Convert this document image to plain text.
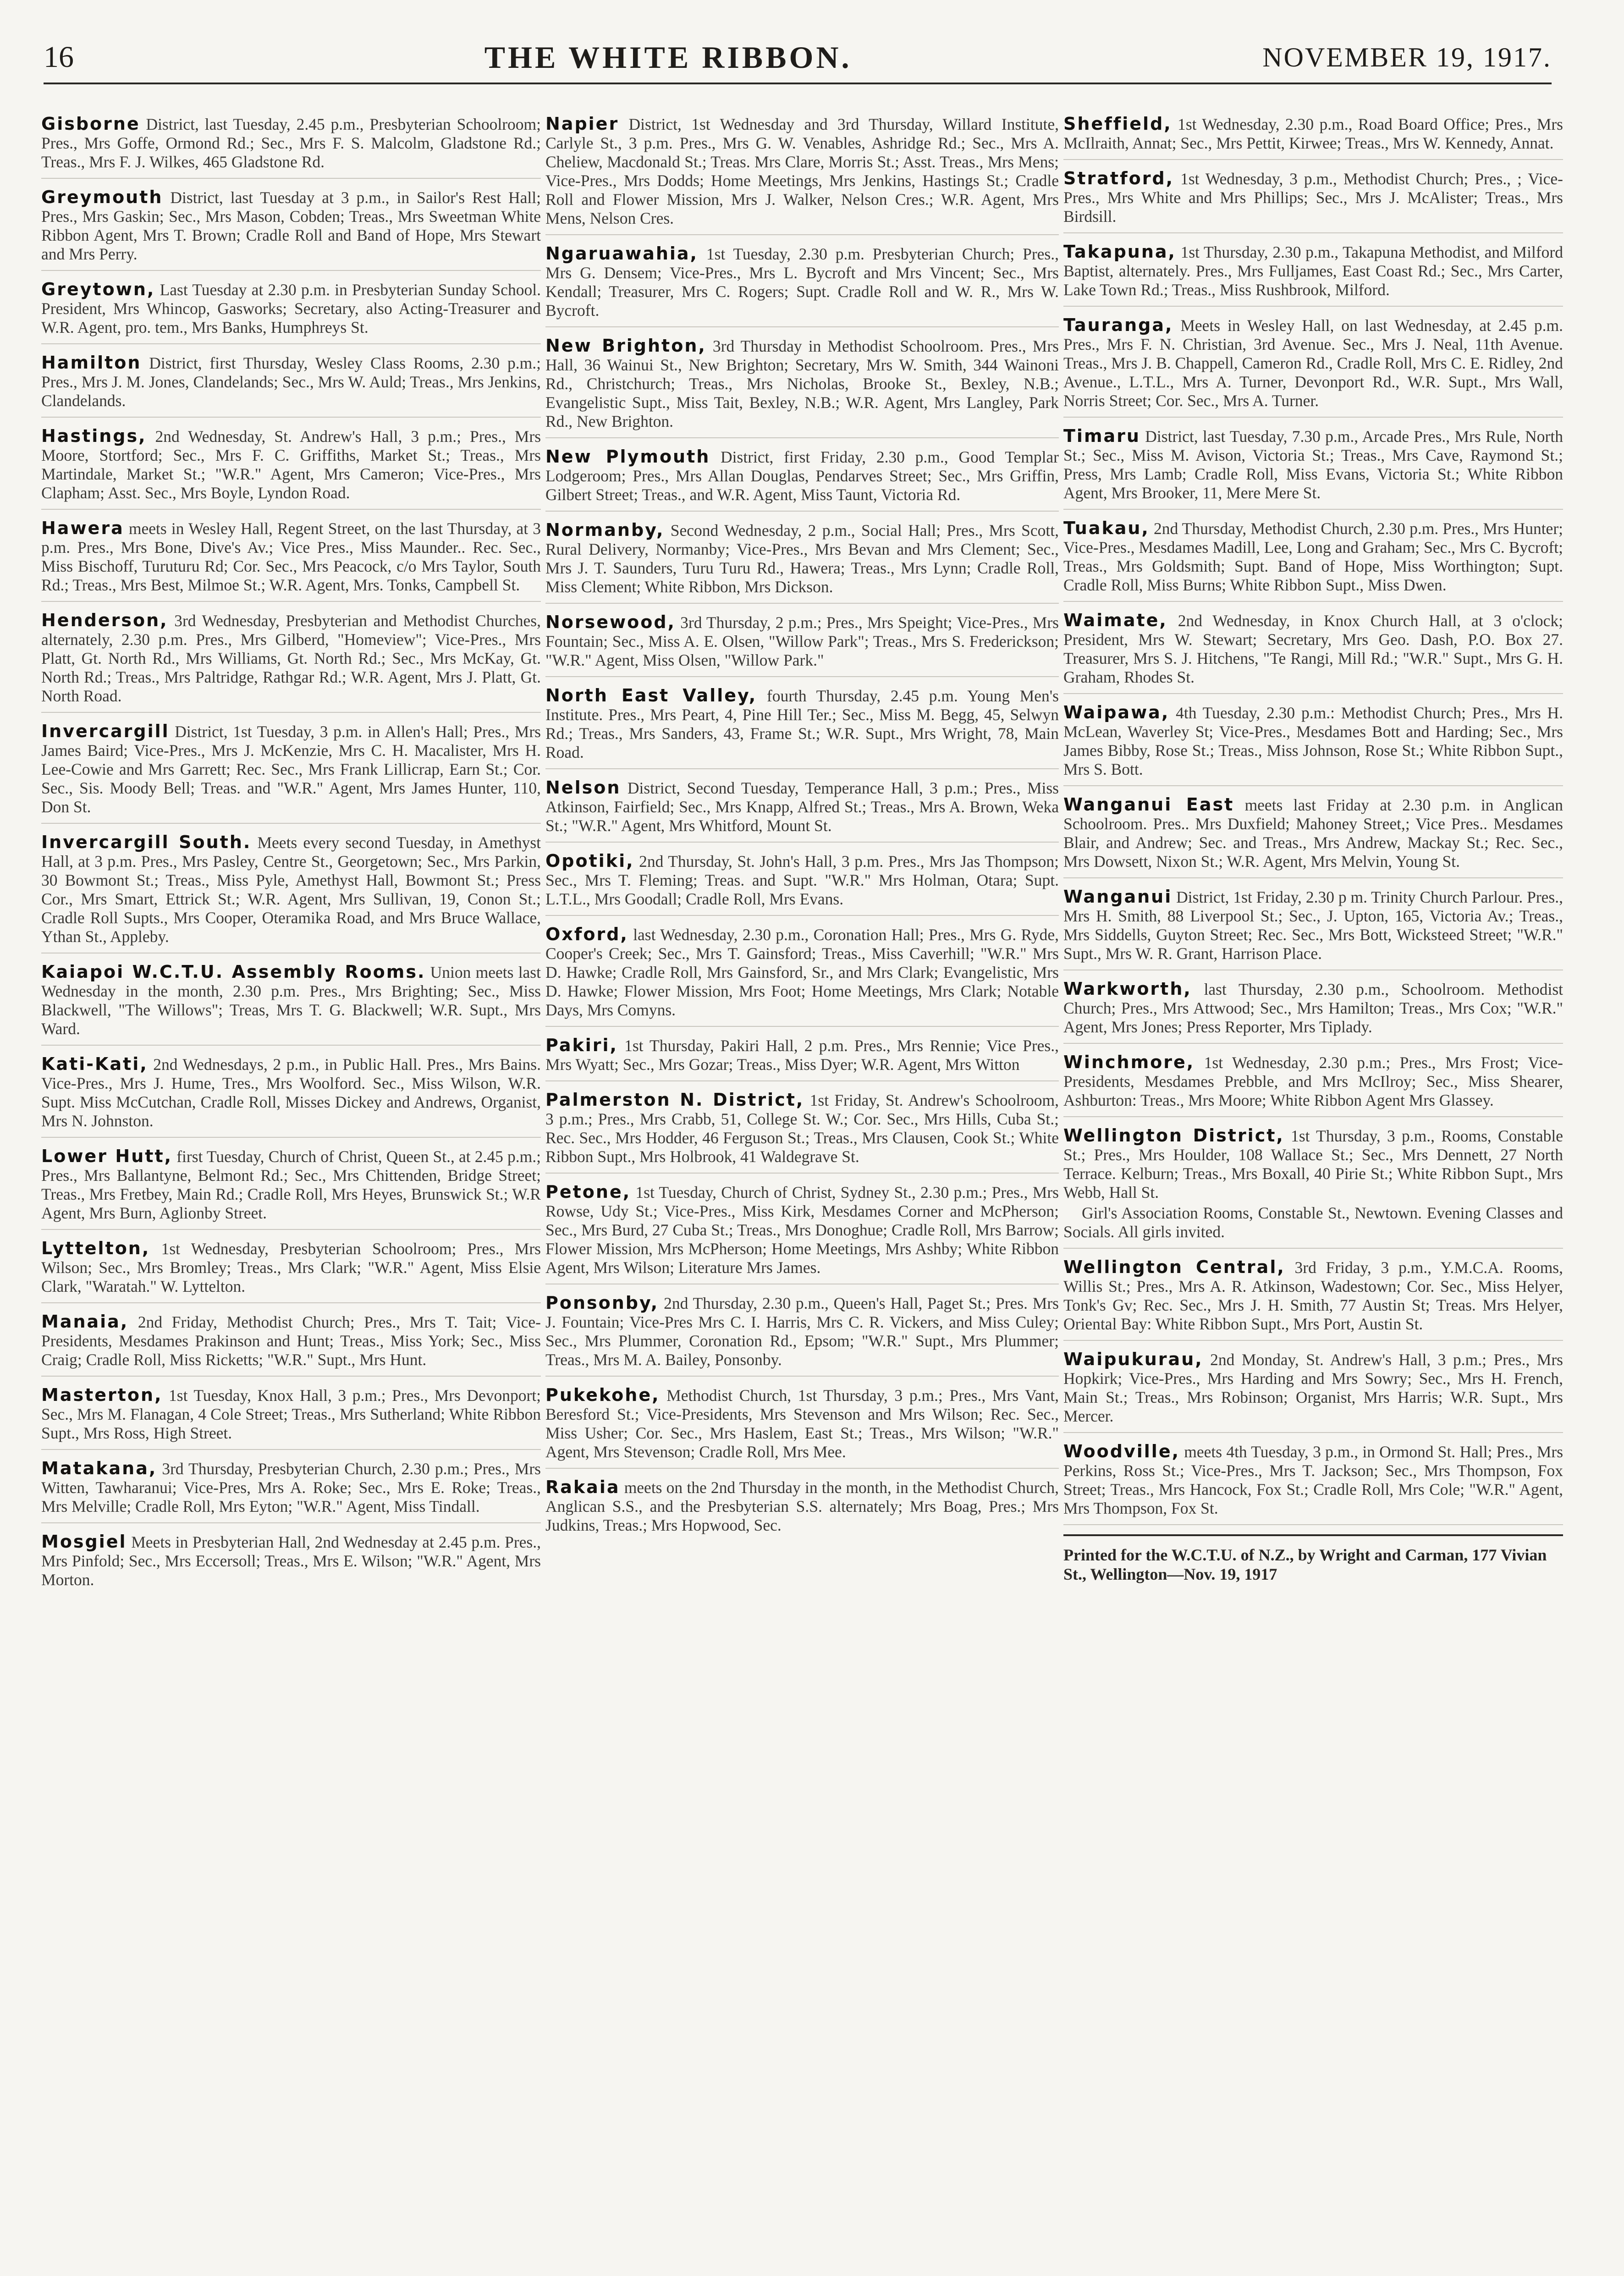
16	THE WHITE RIBBON.	NOVEMBER 19, 1917.
Gisborne District, last Tuesday, 2.45 p.m., Presbyterian Schoolroom; Pres., Mrs Goffe, Ormond Rd.; Sec., Mrs F. S. Malcolm, Gladstone Rd.; Treas., Mrs F. J. Wilkes, 465 Gladstone Rd.
Greymouth District, last Tuesday at 3 p.m., in Sailor's Rest Hall; Pres., Mrs Gaskin; Sec., Mrs Mason, Cobden; Treas., Mrs Sweetman White Ribbon Agent, Mrs T. Brown; Cradle Roll and Band of Hope, Mrs Stewart and Mrs Perry.
Greytown, Last Tuesday at 2.30 p.m. in Presbyterian Sunday School. President, Mrs Whincop, Gasworks; Secretary, also Acting-Treasurer and W.R. Agent, pro. tem., Mrs Banks, Humphreys St.
Hamilton District, first Thursday, Wesley Class Rooms, 2.30 p.m.; Pres., Mrs J. M. Jones, Clandelands; Sec., Mrs W. Auld; Treas., Mrs Jenkins, Clandelands.
Hastings, 2nd Wednesday, St. Andrew's Hall, 3 p.m.; Pres., Mrs Moore, Stortford; Sec., Mrs F. C. Griffiths, Market St.; Treas., Mrs Martindale, Market St.; "W.R." Agent, Mrs Cameron; Vice-Pres., Mrs Clapham; Asst. Sec., Mrs Boyle, Lyndon Road.
Hawera meets in Wesley Hall, Regent Street, on the last Thursday, at 3 p.m. Pres., Mrs Bone, Dive's Av.; Vice Pres., Miss Maunder.. Rec. Sec., Miss Bischoff, Turuturu Rd; Cor. Sec., Mrs Peacock, c/o Mrs Taylor, South Rd.; Treas., Mrs Best, Milmoe St.; W.R. Agent, Mrs. Tonks, Campbell St.
Henderson, 3rd Wednesday, Presbyterian and Methodist Churches, alternately, 2.30 p.m. Pres., Mrs Gilberd, "Homeview"; Vice-Pres., Mrs Platt, Gt. North Rd., Mrs Williams, Gt. North Rd.; Sec., Mrs McKay, Gt. North Rd.; Treas., Mrs Paltridge, Rathgar Rd.; W.R. Agent, Mrs J. Platt, Gt. North Road.
Invercargill District, 1st Tuesday, 3 p.m. in Allen's Hall; Pres., Mrs James Baird; Vice-Pres., Mrs J. McKenzie, Mrs C. H. Macalister, Mrs H. Lee-Cowie and Mrs Garrett; Rec. Sec., Mrs Frank Lillicrap, Earn St.; Cor. Sec., Sis. Moody Bell; Treas. and "W.R." Agent, Mrs James Hunter, 110, Don St.
Invercargill South. Meets every second Tuesday, in Amethyst Hall, at 3 p.m. Pres., Mrs Pasley, Centre St., Georgetown; Sec., Mrs Parkin, 30 Bowmont St.; Treas., Miss Pyle, Amethyst Hall, Bowmont St.; Press Cor., Mrs Smart, Ettrick St.; W.R. Agent, Mrs Sullivan, 19, Conon St.; Cradle Roll Supts., Mrs Cooper, Oteramika Road, and Mrs Bruce Wallace, Ythan St., Appleby.
Kaiapoi W.C.T.U. Assembly Rooms. Union meets last Wednesday in the month, 2.30 p.m. Pres., Mrs Brighting; Sec., Miss Blackwell, "The Willows"; Treas, Mrs T. G. Blackwell; W.R. Supt., Mrs Ward.
Kati-Kati, 2nd Wednesdays, 2 p.m., in Public Hall. Pres., Mrs Bains. Vice-Pres., Mrs J. Hume, Tres., Mrs Woolford. Sec., Miss Wilson, W.R. Supt. Miss McCutchan, Cradle Roll, Misses Dickey and Andrews, Organist, Mrs N. Johnston.
Lower Hutt, first Tuesday, Church of Christ, Queen St., at 2.45 p.m.; Pres., Mrs Ballantyne, Belmont Rd.; Sec., Mrs Chittenden, Bridge Street; Treas., Mrs Fretbey, Main Rd.; Cradle Roll, Mrs Heyes, Brunswick St.; W.R Agent, Mrs Burn, Aglionby Street.
Lyttelton, 1st Wednesday, Presbyterian Schoolroom; Pres., Mrs Wilson; Sec., Mrs Bromley; Treas., Mrs Clark; "W.R." Agent, Miss Elsie Clark, "Waratah." W. Lyttelton.
Manaia, 2nd Friday, Methodist Church; Pres., Mrs T. Tait; Vice-Presidents, Mesdames Prakinson and Hunt; Treas., Miss York; Sec., Miss Craig; Cradle Roll, Miss Ricketts; "W.R." Supt., Mrs Hunt.
Masterton, 1st Tuesday, Knox Hall, 3 p.m.; Pres., Mrs Devonport; Sec., Mrs M. Flanagan, 4 Cole Street; Treas., Mrs Sutherland; White Ribbon Supt., Mrs Ross, High Street.
Matakana, 3rd Thursday, Presbyterian Church, 2.30 p.m.; Pres., Mrs Witten, Tawharanui; Vice-Pres, Mrs A. Roke; Sec., Mrs E. Roke; Treas., Mrs Melville; Cradle Roll, Mrs Eyton; "W.R." Agent, Miss Tindall.
Mosgiel Meets in Presbyterian Hall, 2nd Wednesday at 2.45 p.m. Pres., Mrs Pinfold; Sec., Mrs Eccersoll; Treas., Mrs E. Wilson; "W.R." Agent, Mrs Morton.
Napier District, 1st Wednesday and 3rd Thursday, Willard Institute, Carlyle St., 3 p.m. Pres., Mrs G. W. Venables, Ashridge Rd.; Sec., Mrs A. Cheliew, Macdonald St.; Treas. Mrs Clare, Morris St.; Asst. Treas., Mrs Mens; Vice-Pres., Mrs Dodds; Home Meetings, Mrs Jenkins, Hastings St.; Cradle Roll and Flower Mission, Mrs J. Walker, Nelson Cres.; W.R. Agent, Mrs Mens, Nelson Cres.
Ngaruawahia, 1st Tuesday, 2.30 p.m. Presbyterian Church; Pres., Mrs G. Densem; Vice-Pres., Mrs L. Bycroft and Mrs Vincent; Sec., Mrs Kendall; Treasurer, Mrs C. Rogers; Supt. Cradle Roll and W. R., Mrs W. Bycroft.
New Brighton, 3rd Thursday in Methodist Schoolroom. Pres., Mrs Hall, 36 Wainui St., New Brighton; Secretary, Mrs W. Smith, 344 Wainoni Rd., Christchurch; Treas., Mrs Nicholas, Brooke St., Bexley, N.B.; Evangelistic Supt., Miss Tait, Bexley, N.B.; W.R. Agent, Mrs Langley, Park Rd., New Brighton.
New Plymouth District, first Friday, 2.30 p.m., Good Templar Lodgeroom; Pres., Mrs Allan Douglas, Pendarves Street; Sec., Mrs Griffin, Gilbert Street; Treas., and W.R. Agent, Miss Taunt, Victoria Rd.
Normanby, Second Wednesday, 2 p.m., Social Hall; Pres., Mrs Scott, Rural Delivery, Normanby; Vice-Pres., Mrs Bevan and Mrs Clement; Sec., Mrs J. T. Saunders, Turu Turu Rd., Hawera; Treas., Mrs Lynn; Cradle Roll, Miss Clement; White Ribbon, Mrs Dickson.
Norsewood, 3rd Thursday, 2 p.m.; Pres., Mrs Speight; Vice-Pres., Mrs Fountain; Sec., Miss A. E. Olsen, "Willow Park"; Treas., Mrs S. Frederickson; "W.R." Agent, Miss Olsen, "Willow Park."
North East Valley, fourth Thursday, 2.45 p.m. Young Men's Institute. Pres., Mrs Peart, 4, Pine Hill Ter.; Sec., Miss M. Begg, 45, Selwyn Rd.; Treas., Mrs Sanders, 43, Frame St.; W.R. Supt., Mrs Wright, 78, Main Road.
Nelson District, Second Tuesday, Temperance Hall, 3 p.m.; Pres., Miss Atkinson, Fairfield; Sec., Mrs Knapp, Alfred St.; Treas., Mrs A. Brown, Weka St.; "W.R." Agent, Mrs Whitford, Mount St.
Opotiki, 2nd Thursday, St. John's Hall, 3 p.m. Pres., Mrs Jas Thompson; Sec., Mrs T. Fleming; Treas. and Supt. "W.R." Mrs Holman, Otara; Supt. L.T.L., Mrs Goodall; Cradle Roll, Mrs Evans.
Oxford, last Wednesday, 2.30 p.m., Coronation Hall; Pres., Mrs G. Ryde, Cooper's Creek; Sec., Mrs T. Gainsford; Treas., Miss Caverhill; "W.R." Mrs D. Hawke; Cradle Roll, Mrs Gainsford, Sr., and Mrs Clark; Evangelistic, Mrs D. Hawke; Flower Mission, Mrs Foot; Home Meetings, Mrs Clark; Notable Days, Mrs Comyns.
Pakiri, 1st Thursday, Pakiri Hall, 2 p.m. Pres., Mrs Rennie; Vice Pres., Mrs Wyatt; Sec., Mrs Gozar; Treas., Miss Dyer; W.R. Agent, Mrs Witton
Palmerston N. District, 1st Friday, St. Andrew's Schoolroom, 3 p.m.; Pres., Mrs Crabb, 51, College St. W.; Cor. Sec., Mrs Hills, Cuba St.; Rec. Sec., Mrs Hodder, 46 Ferguson St.; Treas., Mrs Clausen, Cook St.; White Ribbon Supt., Mrs Holbrook, 41 Waldegrave St.
Petone, 1st Tuesday, Church of Christ, Sydney St., 2.30 p.m.; Pres., Mrs Rowse, Udy St.; Vice-Pres., Miss Kirk, Mesdames Corner and McPherson; Sec., Mrs Burd, 27 Cuba St.; Treas., Mrs Donoghue; Cradle Roll, Mrs Barrow; Flower Mission, Mrs McPherson; Home Meetings, Mrs Ashby; White Ribbon Agent, Mrs Wilson; Literature Mrs James.
Ponsonby, 2nd Thursday, 2.30 p.m., Queen's Hall, Paget St.; Pres. Mrs J. Fountain; Vice-Pres Mrs C. I. Harris, Mrs C. R. Vickers, and Miss Culey; Sec., Mrs Plummer, Coronation Rd., Epsom; "W.R." Supt., Mrs Plummer; Treas., Mrs M. A. Bailey, Ponsonby.
Pukekohe, Methodist Church, 1st Thursday, 3 p.m.; Pres., Mrs Vant, Beresford St.; Vice-Presidents, Mrs Stevenson and Mrs Wilson; Rec. Sec., Miss Usher; Cor. Sec., Mrs Haslem, East St.; Treas., Mrs Wilson; "W.R." Agent, Mrs Stevenson; Cradle Roll, Mrs Mee.
Rakaia meets on the 2nd Thursday in the month, in the Methodist Church, Anglican S.S., and the Presbyterian S.S. alternately; Mrs Boag, Pres.; Mrs Judkins, Treas.; Mrs Hopwood, Sec.
Sheffield, 1st Wednesday, 2.30 p.m., Road Board Office; Pres., Mrs McIlraith, Annat; Sec., Mrs Pettit, Kirwee; Treas., Mrs W. Kennedy, Annat.
Stratford, 1st Wednesday, 3 p.m., Methodist Church; Pres., ; Vice-Pres., Mrs White and Mrs Phillips; Sec., Mrs J. McAlister; Treas., Mrs Birdsill.
Takapuna, 1st Thursday, 2.30 p.m., Takapuna Methodist, and Milford Baptist, alternately. Pres., Mrs Fulljames, East Coast Rd.; Sec., Mrs Carter, Lake Town Rd.; Treas., Miss Rushbrook, Milford.
Tauranga, Meets in Wesley Hall, on last Wednesday, at 2.45 p.m. Pres., Mrs F. N. Christian, 3rd Avenue. Sec., Mrs J. Neal, 11th Avenue. Treas., Mrs J. B. Chappell, Cameron Rd., Cradle Roll, Mrs C. E. Ridley, 2nd Avenue., L.T.L., Mrs A. Turner, Devonport Rd., W.R. Supt., Mrs Wall, Norris Street; Cor. Sec., Mrs A. Turner.
Timaru District, last Tuesday, 7.30 p.m., Arcade Pres., Mrs Rule, North St.; Sec., Miss M. Avison, Victoria St.; Treas., Mrs Cave, Raymond St.; Press, Mrs Lamb; Cradle Roll, Miss Evans, Victoria St.; White Ribbon Agent, Mrs Brooker, 11, Mere Mere St.
Tuakau, 2nd Thursday, Methodist Church, 2.30 p.m. Pres., Mrs Hunter; Vice-Pres., Mesdames Madill, Lee, Long and Graham; Sec., Mrs C. Bycroft; Treas., Mrs Goldsmith; Supt. Band of Hope, Miss Worthington; Supt. Cradle Roll, Miss Burns; White Ribbon Supt., Miss Dwen.
Waimate, 2nd Wednesday, in Knox Church Hall, at 3 o'clock; President, Mrs W. Stewart; Secretary, Mrs Geo. Dash, P.O. Box 27. Treasurer, Mrs S. J. Hitchens, "Te Rangi, Mill Rd.; "W.R." Supt., Mrs G. H. Graham, Rhodes St.
Waipawa, 4th Tuesday, 2.30 p.m.: Methodist Church; Pres., Mrs H. McLean, Waverley St; Vice-Pres., Mesdames Bott and Harding; Sec., Mrs James Bibby, Rose St.; Treas., Miss Johnson, Rose St.; White Ribbon Supt., Mrs S. Bott.
Wanganui East meets last Friday at 2.30 p.m. in Anglican Schoolroom. Pres.. Mrs Duxfield; Mahoney Street,; Vice Pres.. Mesdames Blair, and Andrew; Sec. and Treas., Mrs Andrew, Mackay St.; Rec. Sec., Mrs Dowsett, Nixon St.; W.R. Agent, Mrs Melvin, Young St.
Wanganui District, 1st Friday, 2.30 p m. Trinity Church Parlour. Pres., Mrs H. Smith, 88 Liverpool St.; Sec., J. Upton, 165, Victoria Av.; Treas., Mrs Siddells, Guyton Street; Rec. Sec., Mrs Bott, Wicksteed Street; "W.R." Supt., Mrs W. R. Grant, Harrison Place.
Warkworth, last Thursday, 2.30 p.m., Schoolroom. Methodist Church; Pres., Mrs Attwood; Sec., Mrs Hamilton; Treas., Mrs Cox; "W.R." Agent, Mrs Jones; Press Reporter, Mrs Tiplady.
Winchmore, 1st Wednesday, 2.30 p.m.; Pres., Mrs Frost; Vice-Presidents, Mesdames Prebble, and Mrs McIlroy; Sec., Miss Shearer, Ashburton: Treas., Mrs Moore; White Ribbon Agent Mrs Glassey.
Wellington District, 1st Thursday, 3 p.m., Rooms, Constable St.; Pres., Mrs Houlder, 108 Wallace St.; Sec., Mrs Dennett, 27 North Terrace. Kelburn; Treas., Mrs Boxall, 40 Pirie St.; White Ribbon Supt., Mrs Webb, Hall St.
Girl's Association Rooms, Constable St., Newtown. Evening Classes and Socials. All girls invited.
Wellington Central, 3rd Friday, 3 p.m., Y.M.C.A. Rooms, Willis St.; Pres., Mrs A. R. Atkinson, Wadestown; Cor. Sec., Miss Helyer, Tonk's Gv; Rec. Sec., Mrs J. H. Smith, 77 Austin St; Treas. Mrs Helyer, Oriental Bay: White Ribbon Supt., Mrs Port, Austin St.
Waipukurau, 2nd Monday, St. Andrew's Hall, 3 p.m.; Pres., Mrs Hopkirk; Vice-Pres., Mrs Harding and Mrs Sowry; Sec., Mrs H. French, Main St.; Treas., Mrs Robinson; Organist, Mrs Harris; W.R. Supt., Mrs Mercer.
Woodville, meets 4th Tuesday, 3 p.m., in Ormond St. Hall; Pres., Mrs Perkins, Ross St.; Vice-Pres., Mrs T. Jackson; Sec., Mrs Thompson, Fox Street; Treas., Mrs Hancock, Fox St.; Cradle Roll, Mrs Cole; "W.R." Agent, Mrs Thompson, Fox St.
Printed for the W.C.T.U. of N.Z., by Wright and Carman, 177 Vivian St., Wellington—Nov. 19, 1917
